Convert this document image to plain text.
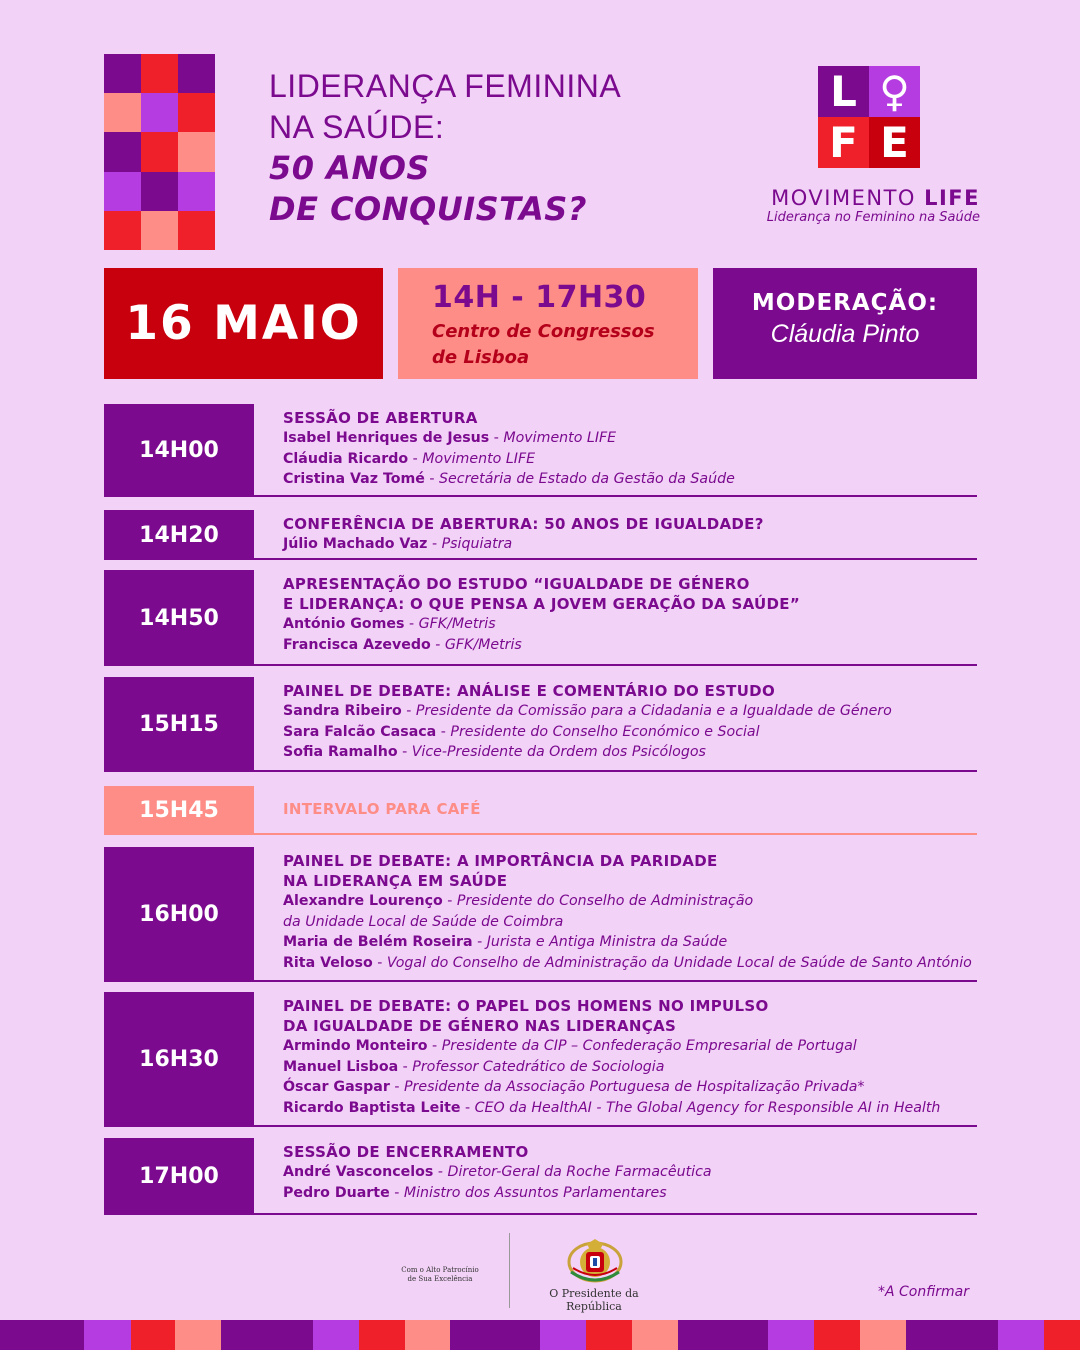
LIDERANÇA FEMININA
NA SAÚDE:
50 ANOS
DE CONQUISTAS?
L ♀
F E
MOVIMENTO LIFE
Liderança no Feminino na Saúde
16 MAIO 14H - 17H30
Centro de Congressos
de Lisboa
MODERAÇÃO:
Cláudia Pinto
14H00
SESSÃO DE ABERTURA
Isabel Henriques de Jesus - Movimento LIFE
Cláudia Ricardo - Movimento LIFE
Cristina Vaz Tomé - Secretária de Estado da Gestão da Saúde
14H20	CONFERÊNCIA DE ABERTURA: 50 ANOS DE IGUALDADE?
Júlio Machado Vaz - Psiquiatra
14H50
APRESENTAÇÃO DO ESTUDO “IGUALDADE DE GÉNERO
E LIDERANÇA: O QUE PENSA A JOVEM GERAÇÃO DA SAÚDE”
António Gomes - GFK/Metris
Francisca Azevedo - GFK/Metris
15H15
PAINEL DE DEBATE: ANÁLISE E COMENTÁRIO DO ESTUDO
Sandra Ribeiro - Presidente da Comissão para a Cidadania e a Igualdade de Género
Sara Falcão Casaca - Presidente do Conselho Económico e Social
Sofia Ramalho - Vice-Presidente da Ordem dos Psicólogos
15H45	INTERVALO PARA CAFÉ
16H00
PAINEL DE DEBATE: A IMPORTÂNCIA DA PARIDADE
NA LIDERANÇA EM SAÚDE
Alexandre Lourenço - Presidente do Conselho de Administração
da Unidade Local de Saúde de Coimbra
Maria de Belém Roseira - Jurista e Antiga Ministra da Saúde
Rita Veloso - Vogal do Conselho de Administração da Unidade Local de Saúde de Santo António
16H30
PAINEL DE DEBATE: O PAPEL DOS HOMENS NO IMPULSO
DA IGUALDADE DE GÉNERO NAS LIDERANÇAS
Armindo Monteiro - Presidente da CIP – Confederação Empresarial de Portugal
Manuel Lisboa - Professor Catedrático de Sociologia
Óscar Gaspar - Presidente da Associação Portuguesa de Hospitalização Privada*
Ricardo Baptista Leite - CEO da HealthAI - The Global Agency for Responsible AI in Health
17H00
SESSÃO DE ENCERRAMENTO
André Vasconcelos - Diretor-Geral da Roche Farmacêutica
Pedro Duarte - Ministro dos Assuntos Parlamentares
Com o Alto Patrocínio
de Sua Excelência
O Presidente da República
*A Confirmar
